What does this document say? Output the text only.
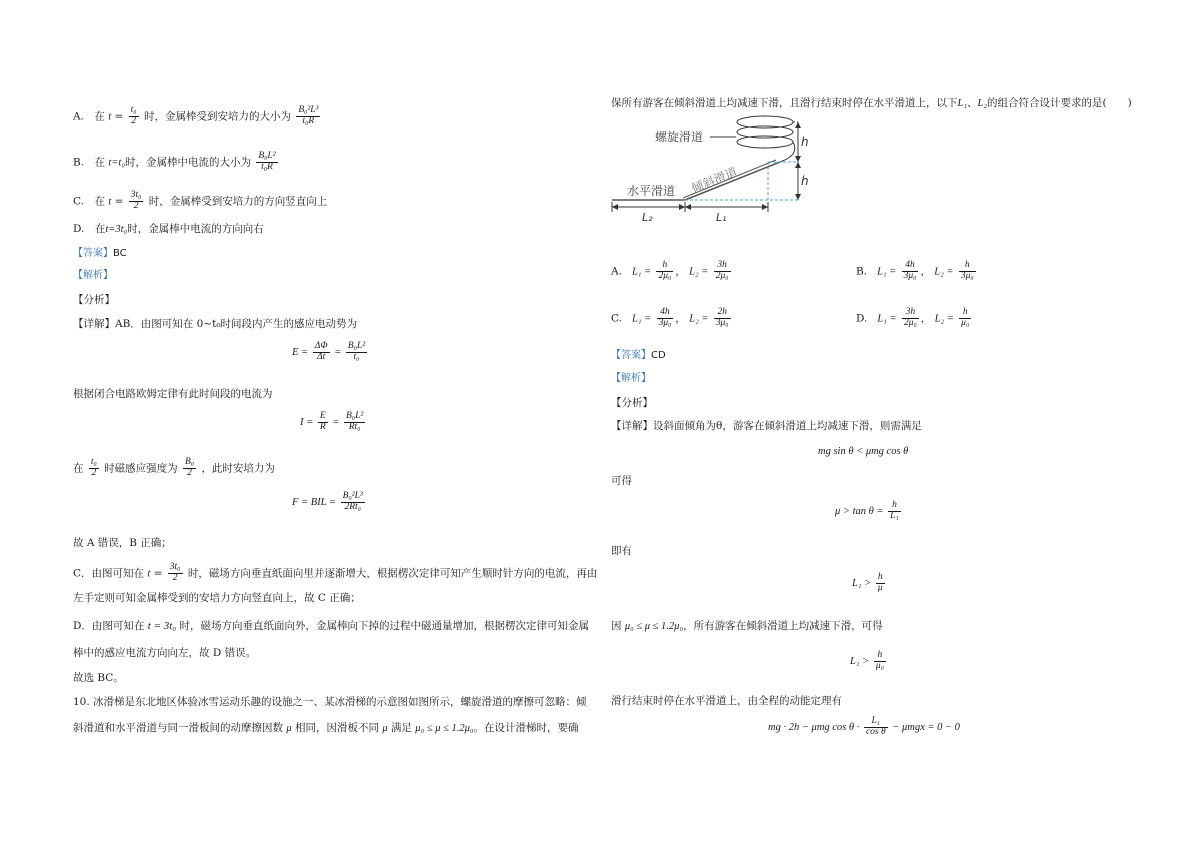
A.　在 $t = \frac{\text{t₀}}{2}$ 时，金属棒受到安培力的大小为 $\frac{\text{B₀²L³}}{\text{t₀R}}$
B.　在 t=t₀时，金属棒中电流的大小为 $\frac{\text{B₀L²}}{\text{t₀R}}$
C.　在 $t = \frac{\text{3t₀}}{2}$ 时，金属棒受到安培力的方向竖直向上
D.　在t=3t₀时，金属棒中电流的方向向右
【答案】BC
【解析】
【分析】
【详解】AB．由图可知在 0~t₀时间段内产生的感应电动势为
$E = \frac{\Delta\Phi}{\Delta t} = \frac{\text{B₀L²}}{\text{t₀}}$
根据闭合电路欧姆定律有此时间段的电流为
$I = \frac{E}{R} = \frac{\text{B₀L²}}{\text{Rt₀}}$
在 $\frac{\text{t₀}}{2}$ 时磁感应强度为 $\frac{\text{B₀}}{2}$ ，此时安培力为
F = BIL = $\frac{\text{B₀²L³}}{\text{2Rt₀}}$
故 A 错误，B 正确；
C．由图可知在 $t = \frac{\text{3t₀}}{2}$ 时，磁场方向垂直纸面向里并逐渐增大，根据楞次定律可知产生顺时针方向的电流，再由
左手定则可知金属棒受到的安培力方向竖直向上，故 C 正确；
D．由图可知在 t = 3t₀ 时，磁场方向垂直纸面向外，金属棒向下掉的过程中磁通量增加，根据楞次定律可知金属
棒中的感应电流方向向左，故 D 错误。
故选 BC。
10. 冰滑梯是东北地区体验冰雪运动乐趣的设施之一、某冰滑梯的示意图如图所示，螺旋滑道的摩擦可忽略：倾
斜滑道和水平滑道与同一滑板间的动摩擦因数 μ 相同，因滑板不同 μ 满足 μ₀ ≤ μ ≤ 1.2μ₀。在设计滑梯时，要确
保所有游客在倾斜滑道上均减速下滑，且滑行结束时停在水平滑道上，以下L₁、L₂的组合符合设计要求的是(　　)
螺旋滑道
倾斜滑道
水平滑道
h
h
L₂	L₁
A. $L_1 = \frac{h}{\text{2μ₀}}$ ， $L_2 = \frac{3h}{\text{2μ₀}}$	B. $L_1 = \frac{4h}{\text{3μ₀}}$ ， $L_2 = \frac{h}{\text{3μ₀}}$
C. $L_1 = \frac{4h}{\text{3μ₀}}$ ， $L_2 = \frac{2h}{\text{3μ₀}}$	D. $L_1 = \frac{3h}{\text{2μ₀}}$ ， $L_2 = \frac{h}{\text{μ₀}}$
【答案】CD
【解析】
【分析】
【详解】设斜面倾角为θ，游客在倾斜滑道上均减速下滑，则需满足
mg sin θ < μmg cos θ
可得
$\mu > \tan \theta = \frac{h}{\text{L₁}}$
即有
$L_1 > \frac{h}{\mu}$
因 μ₀ ≤ μ ≤ 1.2μ₀，所有游客在倾斜滑道上均减速下滑，可得
$L_1 > \frac{h}{\text{μ₀}}$
滑行结束时停在水平滑道上，由全程的动能定理有
mg · 2h − μmg $\cos \theta \cdot \frac{\text{L₁}}{\text{cos θ}} - \mu mgx = 0 - 0$
